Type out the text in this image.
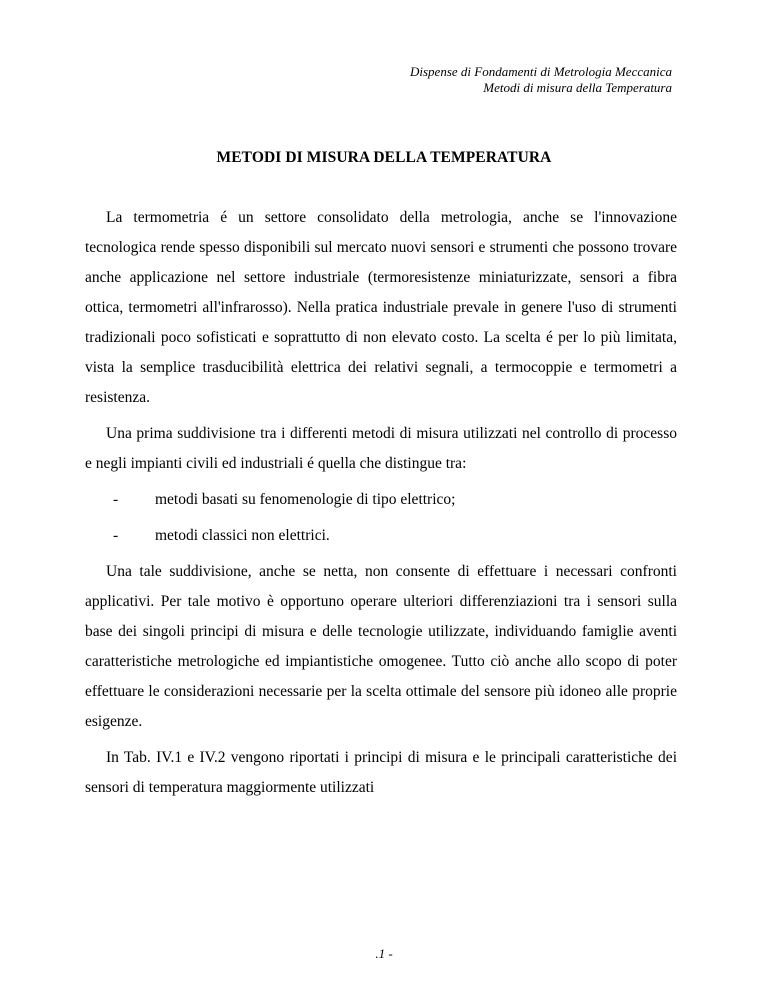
Dispense di Fondamenti di Metrologia Meccanica
Metodi di misura della Temperatura
METODI DI MISURA DELLA TEMPERATURA

La termometria é un settore consolidato della metrologia, anche se l'innovazione tecnologica rende spesso disponibili sul mercato nuovi sensori e strumenti che possono trovare anche applicazione nel settore industriale (termoresistenze miniaturizzate, sensori a fibra ottica, termometri all'infrarosso). Nella pratica industriale prevale in genere l'uso di strumenti tradizionali poco sofisticati e soprattutto di non elevato costo. La scelta é per lo più limitata, vista la semplice trasducibilità elettrica dei relativi segnali, a termocoppie e termometri a resistenza.

Una prima suddivisione tra i differenti metodi di misura utilizzati nel controllo di processo e negli impianti civili ed industriali é quella che distingue tra:

-	metodi basati su fenomenologie di tipo elettrico;
-	metodi classici non elettrici.

Una tale suddivisione, anche se netta, non consente di effettuare i necessari confronti applicativi. Per tale motivo è opportuno operare ulteriori differenziazioni tra i sensori sulla base dei singoli principi di misura e delle tecnologie utilizzate, individuando famiglie aventi caratteristiche metrologiche ed impiantistiche omogenee. Tutto ciò anche allo scopo di poter effettuare le considerazioni necessarie per la scelta ottimale del sensore più idoneo alle proprie esigenze.

In Tab. IV.1 e IV.2 vengono riportati i principi di misura e le principali caratteristiche dei sensori di temperatura maggiormente utilizzati

.1 -
